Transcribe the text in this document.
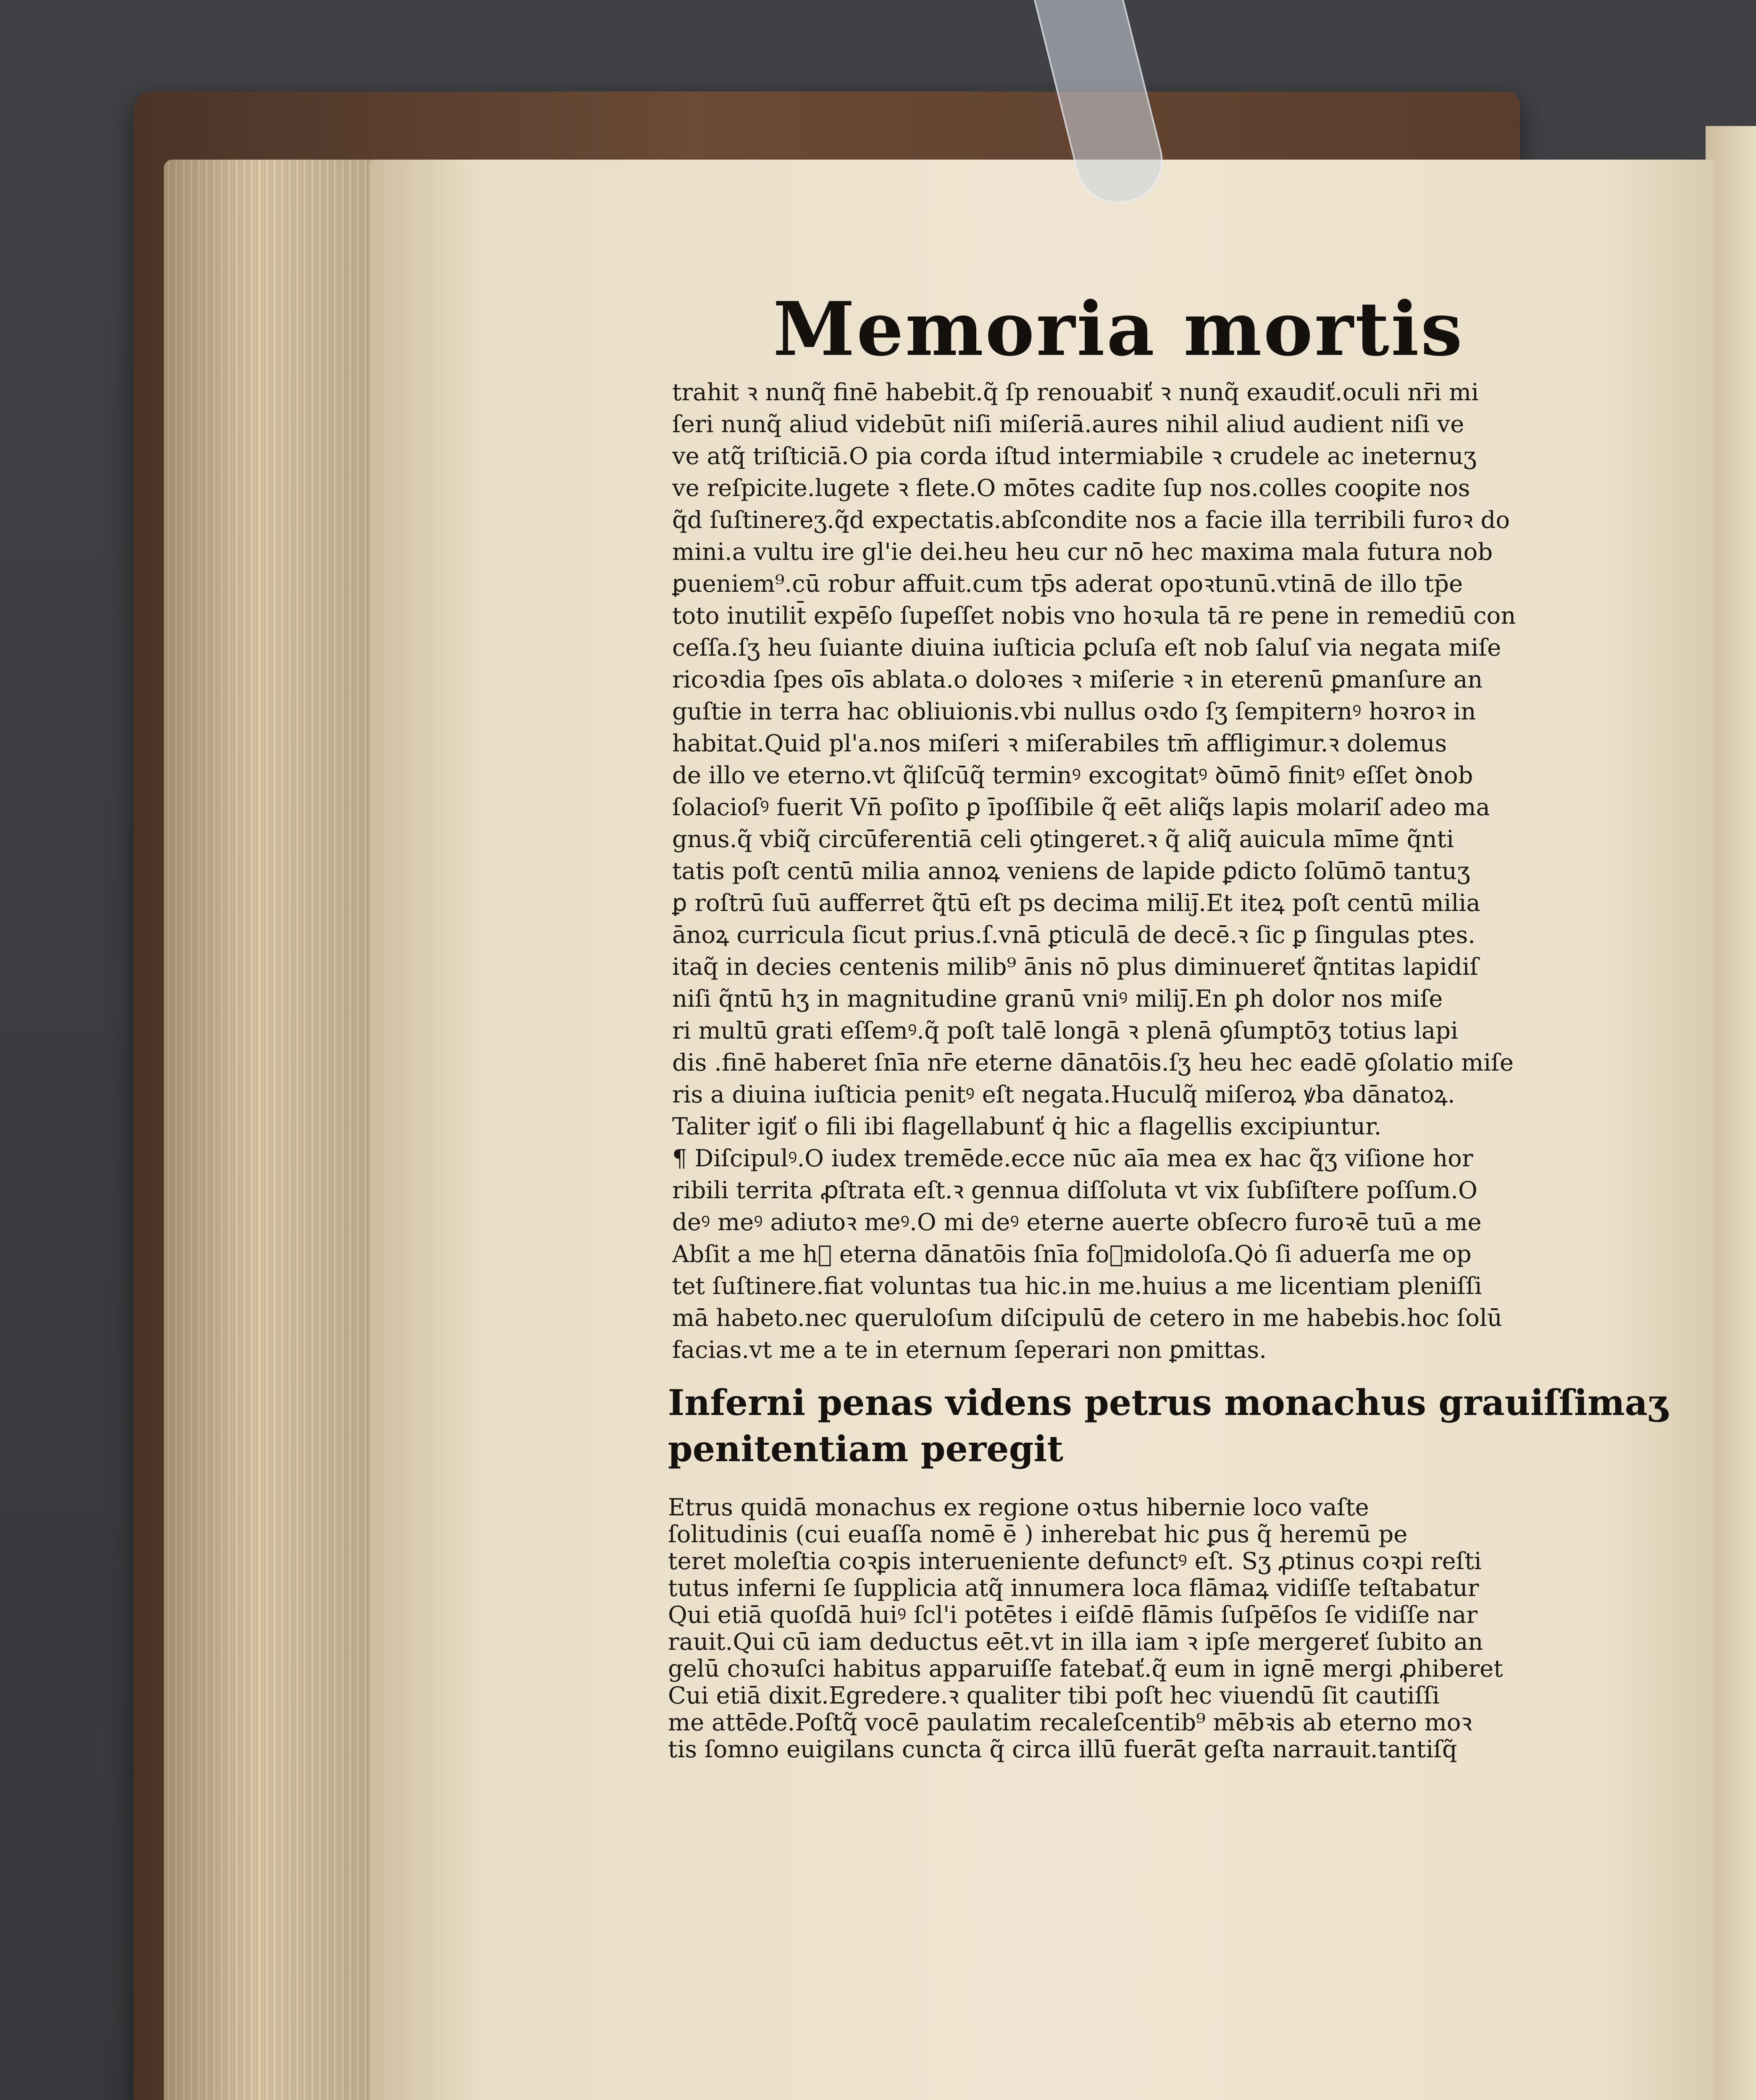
Memoria mortis
trahit ꝛ nunq̃ finē habebit.q̃ ſp renouabiť ꝛ nunq̃ exaudiť.oculi nr̄i mi
ſeri nunq̃ aliud videbūt niſi miſeriā.aures nihil aliud audient niſi ve
ve atq̃ triſticiā.O pia corda iſtud intermiabile ꝛ crudele ac ineternuʒ
ve reſpicite.lugete ꝛ flete.O mōtes cadite ſup nos.colles cooꝑite nos
q̃d ſuſtinereʒ.q̃d expectatis.abſcondite nos a facie illa terribili furoꝛ do
mini.a vultu ire gl'ie dei.heu heu cur nō hec maxima mala futura nob
ꝑueniem⁹.cū robur affuit.cum tp̄s aderat opoꝛtunū.vtinā de illo tp̄e
toto inutilit̄ expēſo ſupeſſet nobis vno hoꝛula tā re pene in remediū con
ceſſa.ſʒ heu ſuiante diuina iuſticia ꝑcluſa eſt nob ſaluſ via negata miſe
ricoꝛdia ſpes oīs ablata.o doloꝛes ꝛ miſerie ꝛ in eterenū ꝑmanſure an
guſtie in terra hac obliuionis.vbi nullus oꝛdo ſʒ ſempiternꝰ hoꝛroꝛ in
habitat.Quid pl'a.nos miſeri ꝛ miſerabiles tm̄ affligimur.ꝛ dolemus
de illo ve eterno.vt q̃liſcūq̃ terminꝰ excogitatꝰ ꝺūmō finitꝰ eſſet ꝺnob
ſolacioſꝰ fuerit Vn̄ poſito ꝑ īpoſſibile q̃ eēt aliq̃s lapis molariſ adeo ma
gnus.q̃ vbiq̃ circūferentiā celi ꝯtingeret.ꝛ q̃ aliq̃ auicula mīme q̃nti
tatis poſt centū milia annoꝝ veniens de lapide ꝑdicto ſolūmō tantuʒ
ꝑ roſtrū ſuū aufferret q̃tū eſt ps decima miliȷ̄.Et iteꝝ poſt centū milia
ānoꝝ curricula ſicut prius.ſ.vnā ꝑticulā de decē.ꝛ ſic ꝑ ſingulas ptes.
itaq̃ in decies centenis milib⁹ ānis nō plus diminuereť q̃ntitas lapidiſ
niſi q̃ntū hʒ in magnitudine granū vniꝰ miliȷ̄.En ꝑh dolor nos miſe
ri multū grati eſſemꝰ.q̃ poſt talē longā ꝛ plenā ꝯſumptōʒ totius lapi
dis .finē haberet ſnīa nr̄e eterne dānatōis.ſʒ heu hec eadē ꝯſolatio miſe
ris a diuina iuſticia penitꝰ eſt negata.Huculq̃ miſeroꝝ ꝟba dānatoꝝ.
Taliter igiť o fili ibi flagellabunť q̇ hic a flagellis excipiuntur.
¶ Diſcipulꝰ.O iudex tremēde.ecce nūc aīa mea ex hac q̃ʒ viſione hor
ribili territa ꝓſtrata eſt.ꝛ gennua diſſoluta vt vix ſubſiſtere poſſum.O
deꝰ meꝰ adiutoꝛ meꝰ.O mi deꝰ eterne auerte obſecro furoꝛē tuū a me
Abſit a me hᷓ eterna dānatōis ſnīa foꝛmidoloſa.Qȯ ſi aduerſa me op
tet ſuſtinere.fiat voluntas tua hic.in me.huius a me licentiam pleniſſi
mā habeto.nec queruloſum diſcipulū de cetero in me habebis.hoc ſolū
facias.vt me a te in eternum ſeperari non ꝑmittas.
Inferni penas videns petrus monachus grauiſſimaʒ
penitentiam peregit
Etrus quidā monachus ex regione oꝛtus hibernie loco vaſte
ſolitudinis (cui euaſſa nomē ē ) inherebat hic ꝑus q̃ heremū pe
teret moleſtia coꝛꝑis interueniente defunctꝰ eſt. Sʒ ꝓtinus coꝛpi reſti
tutus inferni ſe ſupplicia atq̃ innumera loca flāmaꝝ vidiſſe teſtabatur
Qui etiā quoſdā huiꝰ ſcl'i potētes i eiſdē flāmis ſuſpēſos ſe vidiſſe nar
rauit.Qui cū iam deductus eēt.vt in illa iam ꝛ ipſe mergereť ſubito an
gelū choꝛuſci habitus apparuiſſe fatebať.q̃ eum in ignē mergi ꝓhiberet
Cui etiā dixit.Egredere.ꝛ qualiter tibi poſt hec viuendū ſit cautiſſi
me attēde.Poſtq̃ vocē paulatim recaleſcentib⁹ mēbꝛis ab eterno moꝛ
tis ſomno euigilans cuncta q̃ circa illū fuerāt geſta narrauit.tantiſq̃
